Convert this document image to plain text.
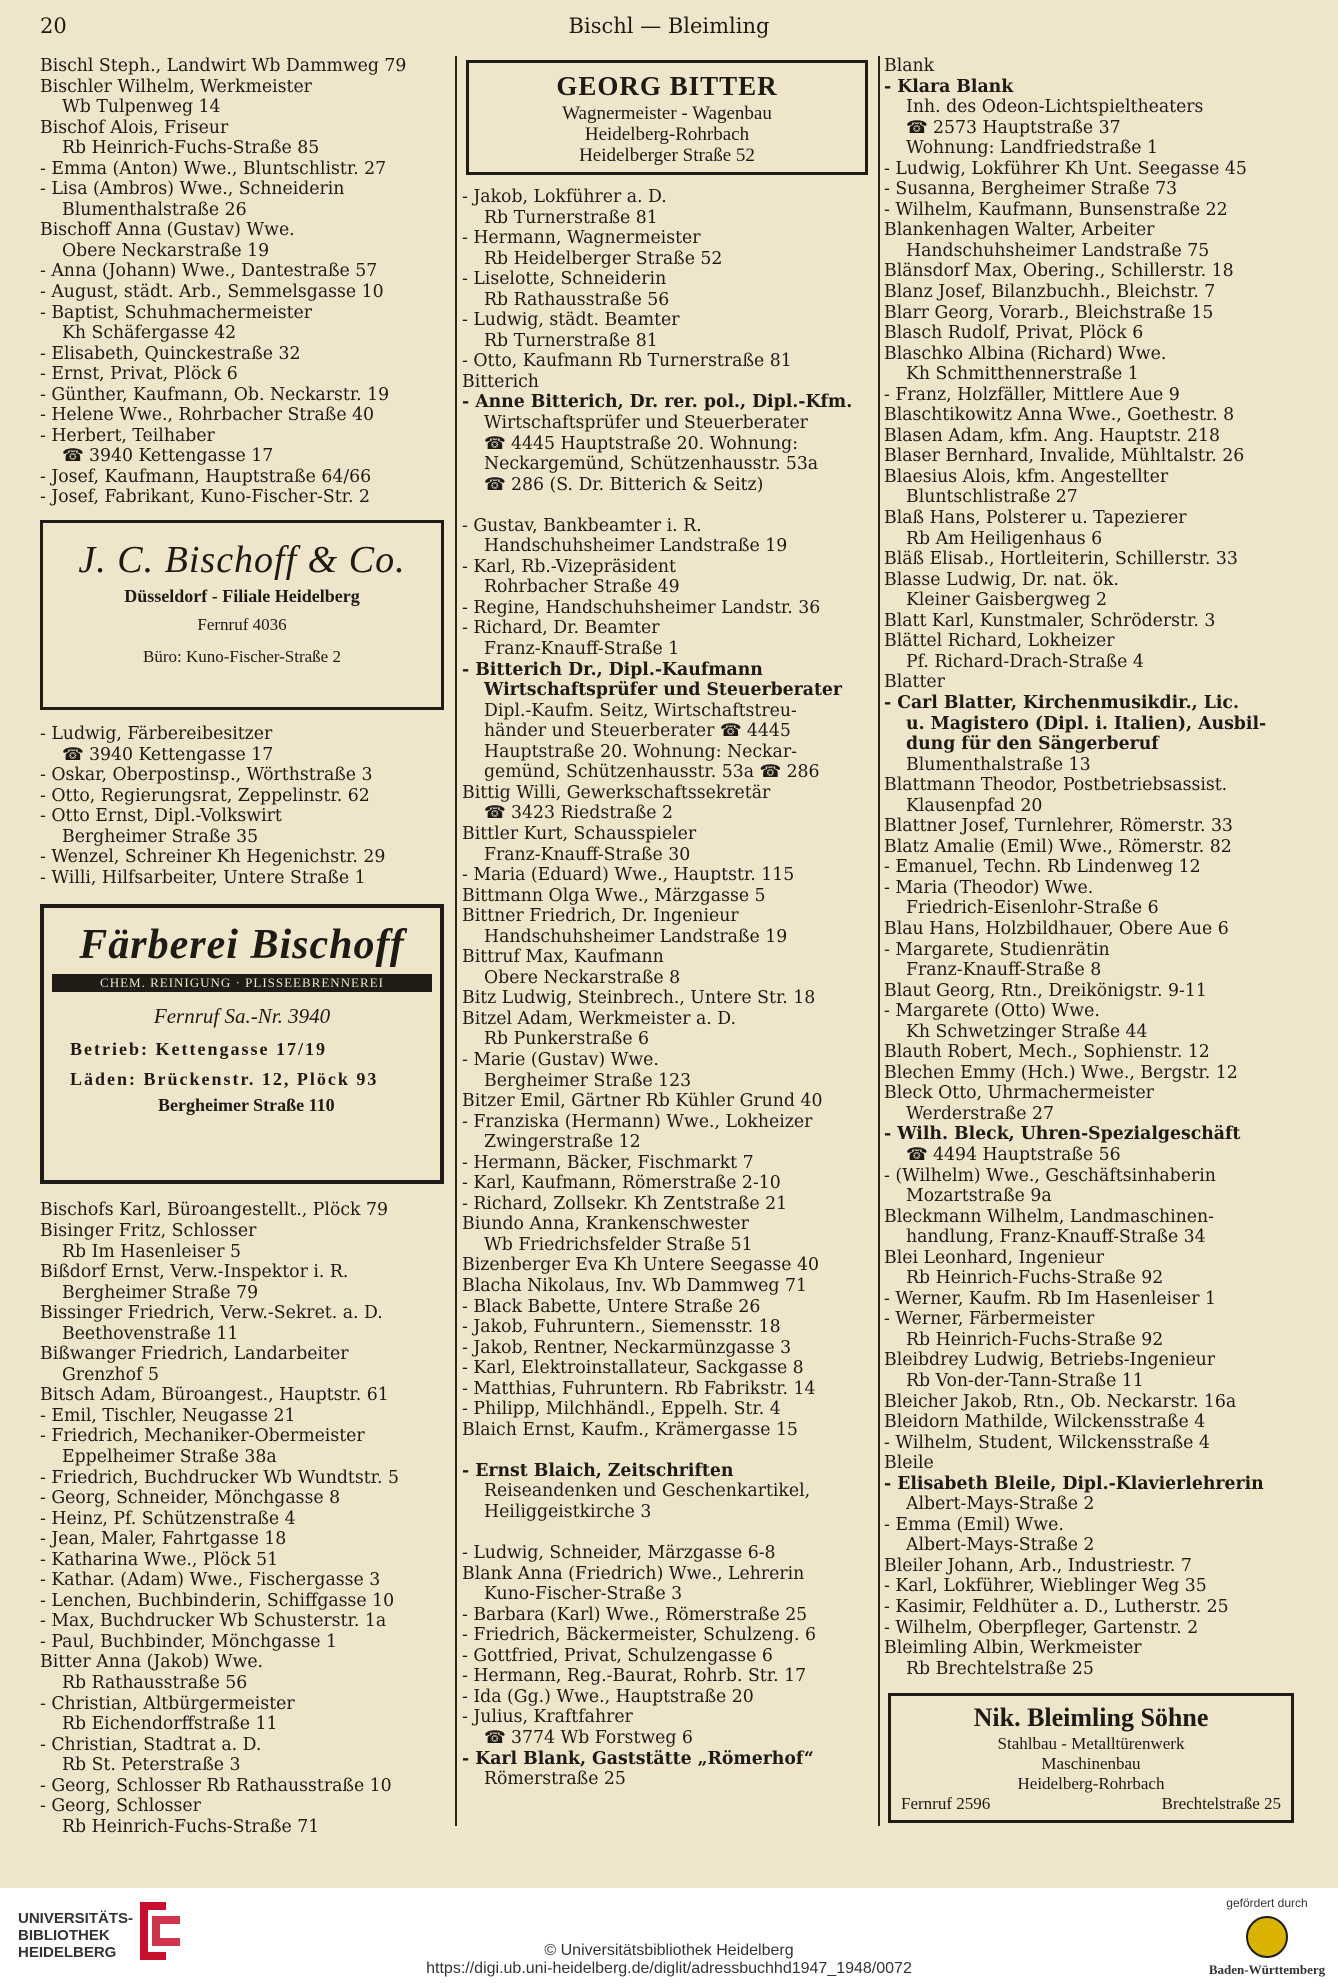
20	Bischl — Bleimling
Bischl Steph., Landwirt Wb Dammweg 79
Bischler Wilhelm, Werkmeister
Wb Tulpenweg 14
Bischof Alois, Friseur
Rb Heinrich-Fuchs-Straße 85
- Emma (Anton) Wwe., Bluntschlistr. 27
- Lisa (Ambros) Wwe., Schneiderin
Blumenthalstraße 26
Bischoff Anna (Gustav) Wwe.
Obere Neckarstraße 19
- Anna (Johann) Wwe., Dantestraße 57
- August, städt. Arb., Semmelsgasse 10
- Baptist, Schuhmachermeister
Kh Schäfergasse 42
- Elisabeth, Quinckestraße 32
- Ernst, Privat, Plöck 6
- Günther, Kaufmann, Ob. Neckarstr. 19
- Helene Wwe., Rohrbacher Straße 40
- Herbert, Teilhaber
☎ 3940 Kettengasse 17
- Josef, Kaufmann, Hauptstraße 64/66
- Josef, Fabrikant, Kuno-Fischer-Str. 2
J. C. Bischoff & Co.
Düsseldorf - Filiale Heidelberg
Fernruf 4036
Büro: Kuno-Fischer-Straße 2
- Ludwig, Färbereibesitzer
☎ 3940 Kettengasse 17
- Oskar, Oberpostinsp., Wörthstraße 3
- Otto, Regierungsrat, Zeppelinstr. 62
- Otto Ernst, Dipl.-Volkswirt
Bergheimer Straße 35
- Wenzel, Schreiner Kh Hegenichstr. 29
- Willi, Hilfsarbeiter, Untere Straße 1
Färberei Bischoff
CHEM. REINIGUNG · PLISSEEBRENNEREI
Fernruf Sa.-Nr. 3940
Betrieb: Kettengasse 17/19
Läden: Brückenstr. 12, Plöck 93
Bergheimer Straße 110
Bischofs Karl, Büroangestellt., Plöck 79
Bisinger Fritz, Schlosser
Rb Im Hasenleiser 5
Bißdorf Ernst, Verw.-Inspektor i. R.
Bergheimer Straße 79
Bissinger Friedrich, Verw.-Sekret. a. D.
Beethovenstraße 11
Bißwanger Friedrich, Landarbeiter
Grenzhof 5
Bitsch Adam, Büroangest., Hauptstr. 61
- Emil, Tischler, Neugasse 21
- Friedrich, Mechaniker-Obermeister
Eppelheimer Straße 38a
- Friedrich, Buchdrucker Wb Wundtstr. 5
- Georg, Schneider, Mönchgasse 8
- Heinz, Pf. Schützenstraße 4
- Jean, Maler, Fahrtgasse 18
- Katharina Wwe., Plöck 51
- Kathar. (Adam) Wwe., Fischergasse 3
- Lenchen, Buchbinderin, Schiffgasse 10
- Max, Buchdrucker Wb Schusterstr. 1a
- Paul, Buchbinder, Mönchgasse 1
Bitter Anna (Jakob) Wwe.
Rb Rathausstraße 56
- Christian, Altbürgermeister
Rb Eichendorffstraße 11
- Christian, Stadtrat a. D.
Rb St. Peterstraße 3
- Georg, Schlosser Rb Rathausstraße 10
- Georg, Schlosser
Rb Heinrich-Fuchs-Straße 71
GEORG BITTER
Wagnermeister - Wagenbau
Heidelberg-Rohrbach
Heidelberger Straße 52
- Jakob, Lokführer a. D.
Rb Turnerstraße 81
- Hermann, Wagnermeister
Rb Heidelberger Straße 52
- Liselotte, Schneiderin
Rb Rathausstraße 56
- Ludwig, städt. Beamter
Rb Turnerstraße 81
- Otto, Kaufmann Rb Turnerstraße 81
Bitterich
- Anne Bitterich, Dr. rer. pol., Dipl.-Kfm.
Wirtschaftsprüfer und Steuerberater
☎ 4445 Hauptstraße 20. Wohnung:
Neckargemünd, Schützenhausstr. 53a
☎ 286 (S. Dr. Bitterich & Seitz)
- Gustav, Bankbeamter i. R.
Handschuhsheimer Landstraße 19
- Karl, Rb.-Vizepräsident
Rohrbacher Straße 49
- Regine, Handschuhsheimer Landstr. 36
- Richard, Dr. Beamter
Franz-Knauff-Straße 1
- Bitterich Dr., Dipl.-Kaufmann
Wirtschaftsprüfer und Steuerberater
Dipl.-Kaufm. Seitz, Wirtschaftstreu-
händer und Steuerberater ☎ 4445
Hauptstraße 20. Wohnung: Neckar-
gemünd, Schützenhausstr. 53a ☎ 286
Bittig Willi, Gewerkschaftssekretär
☎ 3423 Riedstraße 2
Bittler Kurt, Schausspieler
Franz-Knauff-Straße 30
- Maria (Eduard) Wwe., Hauptstr. 115
Bittmann Olga Wwe., Märzgasse 5
Bittner Friedrich, Dr. Ingenieur
Handschuhsheimer Landstraße 19
Bittruf Max, Kaufmann
Obere Neckarstraße 8
Bitz Ludwig, Steinbrech., Untere Str. 18
Bitzel Adam, Werkmeister a. D.
Rb Punkerstraße 6
- Marie (Gustav) Wwe.
Bergheimer Straße 123
Bitzer Emil, Gärtner Rb Kühler Grund 40
- Franziska (Hermann) Wwe., Lokheizer
Zwingerstraße 12
- Hermann, Bäcker, Fischmarkt 7
- Karl, Kaufmann, Römerstraße 2-10
- Richard, Zollsekr. Kh Zentstraße 21
Biundo Anna, Krankenschwester
Wb Friedrichsfelder Straße 51
Bizenberger Eva Kh Untere Seegasse 40
Blacha Nikolaus, Inv. Wb Dammweg 71
- Black Babette, Untere Straße 26
- Jakob, Fuhruntern., Siemensstr. 18
- Jakob, Rentner, Neckarmünzgasse 3
- Karl, Elektroinstallateur, Sackgasse 8
- Matthias, Fuhruntern. Rb Fabrikstr. 14
- Philipp, Milchhändl., Eppelh. Str. 4
Blaich Ernst, Kaufm., Krämergasse 15
- Ernst Blaich, Zeitschriften
Reiseandenken und Geschenkartikel,
Heiliggeistkirche 3
- Ludwig, Schneider, Märzgasse 6-8
Blank Anna (Friedrich) Wwe., Lehrerin
Kuno-Fischer-Straße 3
- Barbara (Karl) Wwe., Römerstraße 25
- Friedrich, Bäckermeister, Schulzeng. 6
- Gottfried, Privat, Schulzengasse 6
- Hermann, Reg.-Baurat, Rohrb. Str. 17
- Ida (Gg.) Wwe., Hauptstraße 20
- Julius, Kraftfahrer
☎ 3774 Wb Forstweg 6
- Karl Blank, Gaststätte „Römerhof“
Römerstraße 25
Blank
- Klara Blank
Inh. des Odeon-Lichtspieltheaters
☎ 2573 Hauptstraße 37
Wohnung: Landfriedstraße 1
- Ludwig, Lokführer Kh Unt. Seegasse 45
- Susanna, Bergheimer Straße 73
- Wilhelm, Kaufmann, Bunsenstraße 22
Blankenhagen Walter, Arbeiter
Handschuhsheimer Landstraße 75
Blänsdorf Max, Obering., Schillerstr. 18
Blanz Josef, Bilanzbuchh., Bleichstr. 7
Blarr Georg, Vorarb., Bleichstraße 15
Blasch Rudolf, Privat, Plöck 6
Blaschko Albina (Richard) Wwe.
Kh Schmitthennerstraße 1
- Franz, Holzfäller, Mittlere Aue 9
Blaschtikowitz Anna Wwe., Goethestr. 8
Blasen Adam, kfm. Ang. Hauptstr. 218
Blaser Bernhard, Invalide, Mühltalstr. 26
Blaesius Alois, kfm. Angestellter
Bluntschlistraße 27
Blaß Hans, Polsterer u. Tapezierer
Rb Am Heiligenhaus 6
Bläß Elisab., Hortleiterin, Schillerstr. 33
Blasse Ludwig, Dr. nat. ök.
Kleiner Gaisbergweg 2
Blatt Karl, Kunstmaler, Schröderstr. 3
Blättel Richard, Lokheizer
Pf. Richard-Drach-Straße 4
Blatter
- Carl Blatter, Kirchenmusikdir., Lic.
u. Magistero (Dipl. i. Italien), Ausbil-
dung für den Sängerberuf
Blumenthalstraße 13
Blattmann Theodor, Postbetriebsassist.
Klausenpfad 20
Blattner Josef, Turnlehrer, Römerstr. 33
Blatz Amalie (Emil) Wwe., Römerstr. 82
- Emanuel, Techn. Rb Lindenweg 12
- Maria (Theodor) Wwe.
Friedrich-Eisenlohr-Straße 6
Blau Hans, Holzbildhauer, Obere Aue 6
- Margarete, Studienrätin
Franz-Knauff-Straße 8
Blaut Georg, Rtn., Dreikönigstr. 9-11
- Margarete (Otto) Wwe.
Kh Schwetzinger Straße 44
Blauth Robert, Mech., Sophienstr. 12
Blechen Emmy (Hch.) Wwe., Bergstr. 12
Bleck Otto, Uhrmachermeister
Werderstraße 27
- Wilh. Bleck, Uhren-Spezialgeschäft
☎ 4494 Hauptstraße 56
- (Wilhelm) Wwe., Geschäftsinhaberin
Mozartstraße 9a
Bleckmann Wilhelm, Landmaschinen-
handlung, Franz-Knauff-Straße 34
Blei Leonhard, Ingenieur
Rb Heinrich-Fuchs-Straße 92
- Werner, Kaufm. Rb Im Hasenleiser 1
- Werner, Färbermeister
Rb Heinrich-Fuchs-Straße 92
Bleibdrey Ludwig, Betriebs-Ingenieur
Rb Von-der-Tann-Straße 11
Bleicher Jakob, Rtn., Ob. Neckarstr. 16a
Bleidorn Mathilde, Wilckensstraße 4
- Wilhelm, Student, Wilckensstraße 4
Bleile
- Elisabeth Bleile, Dipl.-Klavierlehrerin
Albert-Mays-Straße 2
- Emma (Emil) Wwe.
Albert-Mays-Straße 2
Bleiler Johann, Arb., Industriestr. 7
- Karl, Lokführer, Wieblinger Weg 35
- Kasimir, Feldhüter a. D., Lutherstr. 25
- Wilhelm, Oberpfleger, Gartenstr. 2
Bleimling Albin, Werkmeister
Rb Brechtelstraße 25
Nik. Bleimling Söhne
Stahlbau - Metalltürenwerk
Maschinenbau
Heidelberg-Rohrbach
Fernruf 2596	Brechtelstraße 25
UNIVERSITÄTS-
BIBLIOTHEK
HEIDELBERG	© Universitätsbibliothek Heidelberg
https://digi.ub.uni-heidelberg.de/diglit/adressbuchhd1947_1948/0072
gefördert durch
Baden-Württemberg
